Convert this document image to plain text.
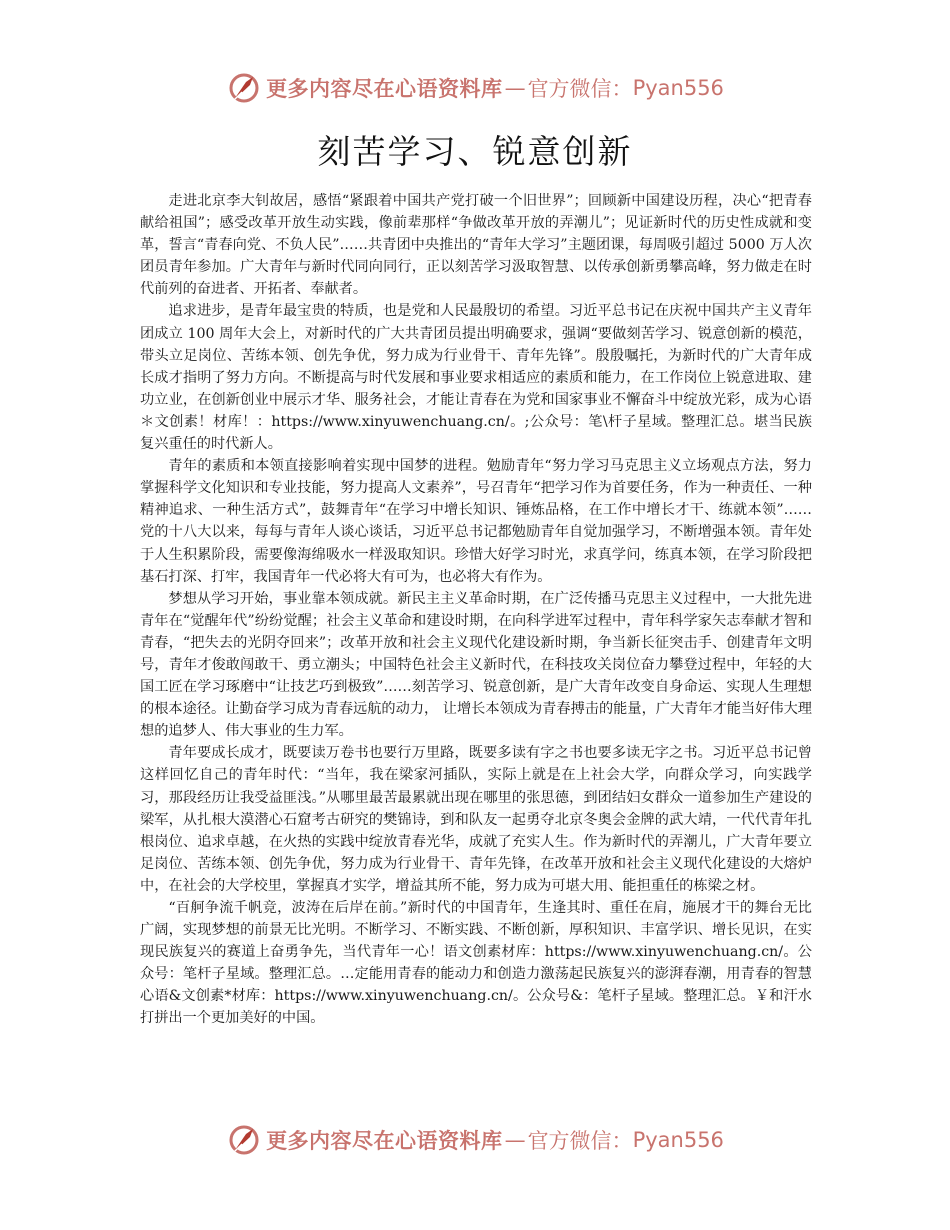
更多内容尽在心语资料库 — 官方微信： Pyan556
刻苦学习、锐意创新

走进北京李大钊故居，感悟“紧跟着中国共产党打破一个旧世界”；回顾新中国建设历程，决心“把青春献给祖国”；感受改革开放生动实践，像前辈那样“争做改革开放的弄潮儿”；见证新时代的历史性成就和变革，誓言“青春向党、不负人民”……共青团中央推出的“青年大学习”主题团课，每周吸引超过 5000 万人次团员青年参加。广大青年与新时代同向同行，正以刻苦学习汲取智慧、以传承创新勇攀高峰，努力做走在时代前列的奋进者、开拓者、奉献者。

追求进步，是青年最宝贵的特质，也是党和人民最殷切的希望。习近平总书记在庆祝中国共产主义青年团成立 100 周年大会上，对新时代的广大共青团员提出明确要求，强调“要做刻苦学习、锐意创新的模范，带头立足岗位、苦练本领、创先争优，努力成为行业骨干、青年先锋”。殷殷嘱托，为新时代的广大青年成长成才指明了努力方向。不断提高与时代发展和事业要求相适应的素质和能力，在工作岗位上锐意进取、建功立业，在创新创业中展示才华、服务社会，才能让青春在为党和国家事业不懈奋斗中绽放光彩，成为心语＊文创素！材库！：https://www.xinyuwenchuang.cn/。;公众号：笔\杆子星域。整理汇总。堪当民族复兴重任的时代新人。

青年的素质和本领直接影响着实现中国梦的进程。勉励青年“努力学习马克思主义立场观点方法，努力掌握科学文化知识和专业技能，努力提高人文素养”，号召青年“把学习作为首要任务，作为一种责任、一种精神追求、一种生活方式”，鼓舞青年“在学习中增长知识、锤炼品格，在工作中增长才干、练就本领”……党的十八大以来，每每与青年人谈心谈话，习近平总书记都勉励青年自觉加强学习，不断增强本领。青年处于人生积累阶段，需要像海绵吸水一样汲取知识。珍惜大好学习时光，求真学问，练真本领，在学习阶段把基石打深、打牢，我国青年一代必将大有可为，也必将大有作为。

梦想从学习开始，事业靠本领成就。新民主主义革命时期，在广泛传播马克思主义过程中，一大批先进青年在“觉醒年代”纷纷觉醒；社会主义革命和建设时期，在向科学进军过程中，青年科学家矢志奉献才智和青春，“把失去的光阴夺回来”；改革开放和社会主义现代化建设新时期，争当新长征突击手、创建青年文明号，青年才俊敢闯敢干、勇立潮头；中国特色社会主义新时代，在科技攻关岗位奋力攀登过程中，年轻的大国工匠在学习琢磨中“让技艺巧到极致”……刻苦学习、锐意创新，是广大青年改变自身命运、实现人生理想的根本途径。让勤奋学习成为青春远航的动力， 让增长本领成为青春搏击的能量，广大青年才能当好伟大理想的追梦人、伟大事业的生力军。

青年要成长成才，既要读万卷书也要行万里路，既要多读有字之书也要多读无字之书。习近平总书记曾这样回忆自己的青年时代：“当年，我在梁家河插队，实际上就是在上社会大学，向群众学习，向实践学习，那段经历让我受益匪浅。”从哪里最苦最累就出现在哪里的张思德，到团结妇女群众一道参加生产建设的梁军，从扎根大漠潜心石窟考古研究的樊锦诗，到和队友一起勇夺北京冬奥会金牌的武大靖，一代代青年扎根岗位、追求卓越，在火热的实践中绽放青春光华，成就了充实人生。作为新时代的弄潮儿，广大青年要立足岗位、苦练本领、创先争优，努力成为行业骨干、青年先锋，在改革开放和社会主义现代化建设的大熔炉中，在社会的大学校里，掌握真才实学，增益其所不能，努力成为可堪大用、能担重任的栋梁之材。

“百舸争流千帆竞，波涛在后岸在前。”新时代的中国青年，生逢其时、重任在肩，施展才干的舞台无比广阔，实现梦想的前景无比光明。不断学习、不断实践、不断创新，厚积知识、丰富学识、增长见识，在实现民族复兴的赛道上奋勇争先，当代青年一心！语文创素材库：https://www.xinyuwenchuang.cn/。公众号：笔杆子星域。整理汇总。…定能用青春的能动力和创造力激荡起民族复兴的澎湃春潮，用青春的智慧心语&文创素*材库：https://www.xinyuwenchuang.cn/。公众号&：笔杆子星域。整理汇总。￥和汗水打拼出一个更加美好的中国。

更多内容尽在心语资料库 — 官方微信： Pyan556
